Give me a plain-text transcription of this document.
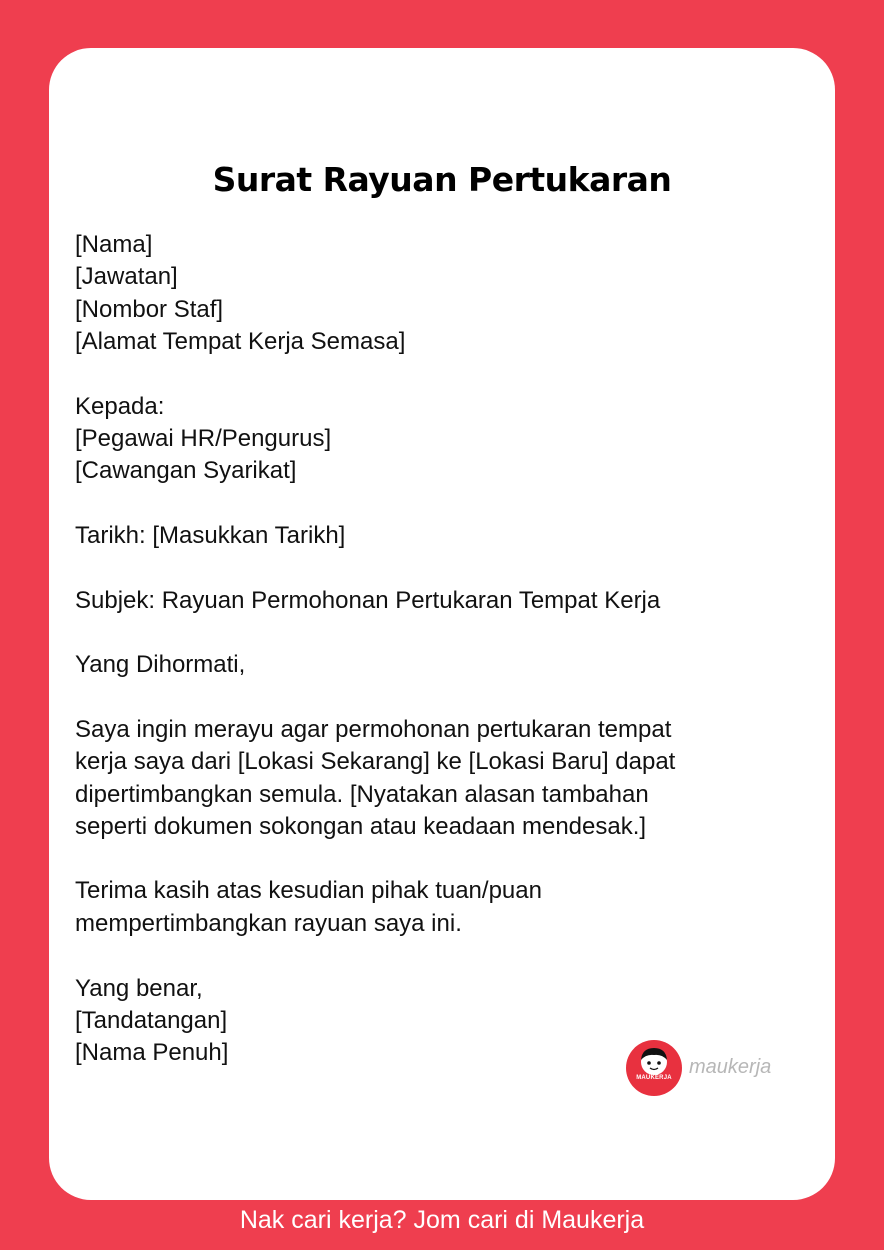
Surat Rayuan Pertukaran

[Nama]

[Jawatan]

[Nombor Staf]

[Alamat Tempat Kerja Semasa]

Kepada:

[Pegawai HR/Pengurus]

[Cawangan Syarikat]

Tarikh: [Masukkan Tarikh]

Subjek: Rayuan Permohonan Pertukaran Tempat Kerja

Yang Dihormati,

Saya ingin merayu agar permohonan pertukaran tempat

kerja saya dari [Lokasi Sekarang] ke [Lokasi Baru] dapat

dipertimbangkan semula. [Nyatakan alasan tambahan

seperti dokumen sokongan atau keadaan mendesak.]

Terima kasih atas kesudian pihak tuan/puan

mempertimbangkan rayuan saya ini.

Yang benar,

[Tandatangan]

[Nama Penuh]

MAUKERJA maukerja

Nak cari kerja? Jom cari di Maukerja
